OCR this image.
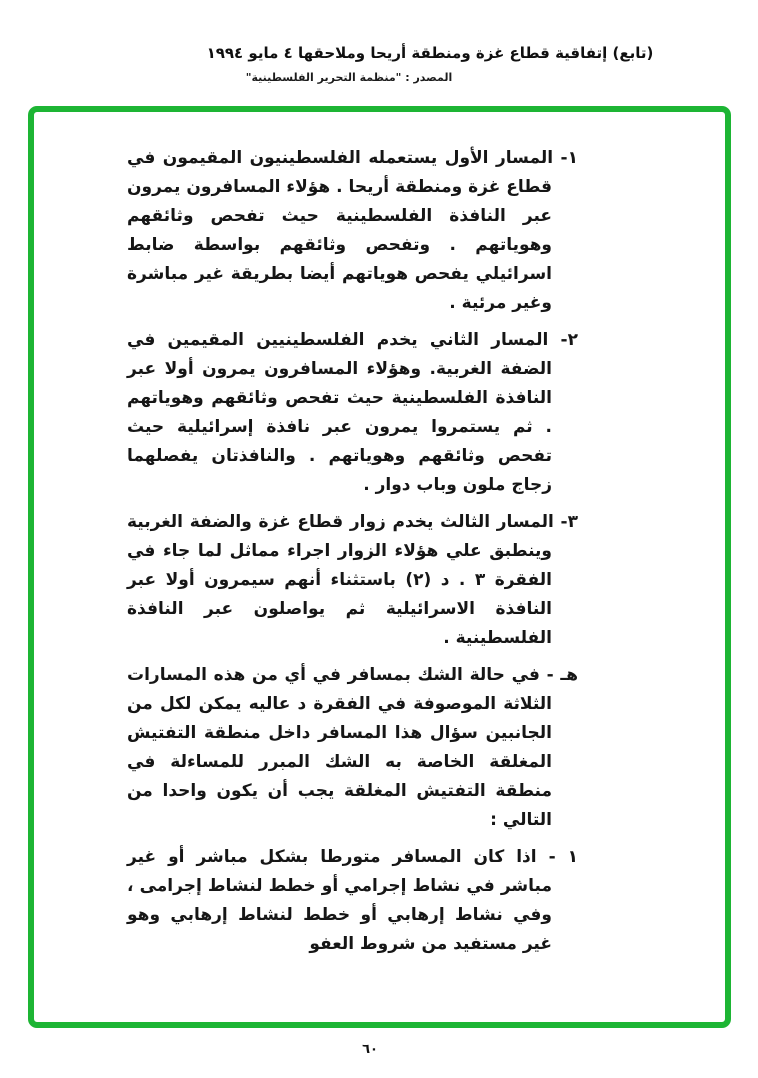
(تابع) إتفاقية قطاع غزة ومنطقة أريحا وملاحقها ٤ مايو ١٩٩٤
المصدر : "منظمة التحرير الفلسطينية"

١- المسار الأول يستعمله الفلسطينيون المقيمون في قطاع غزة ومنطقة أريحا . هؤلاء المسافرون يمرون عبر النافذة الفلسطينية حيث تفحص وثائقهم وهوياتهم . وتفحص وثائقهم بواسطة ضابط اسرائيلي يفحص هوياتهم أيضا بطريقة غير مباشرة وغير مرئية .

٢- المسار الثاني يخدم الفلسطينيين المقيمين في الضفة الغربية. وهؤلاء المسافرون يمرون أولا عبر النافذة الفلسطينية حيث تفحص وثائقهم وهوياتهم . ثم يستمروا يمرون عبر نافذة إسرائيلية حيث تفحص وثائقهم وهوياتهم . والنافذتان يفصلهما زجاج ملون وباب دوار .

٣- المسار الثالث يخدم زوار قطاع غزة والضفة الغربية وينطبق علي هؤلاء الزوار اجراء مماثل لما جاء في الفقرة ٣ . د (٢) باستثناء أنهم سيمرون أولا عبر النافذة الاسرائيلية ثم يواصلون عبر النافذة الفلسطينية .

هـ - في حالة الشك بمسافر في أي من هذه المسارات الثلاثة الموصوفة في الفقرة د عاليه يمكن لكل من الجانبين سؤال هذا المسافر داخل منطقة التفتيش المغلقة الخاصة به الشك المبرر للمساءلة في منطقة التفتيش المغلقة يجب أن يكون واحدا من التالي :

١ - اذا كان المسافر متورطا بشكل مباشر أو غير مباشر في نشاط إجرامي أو خطط لنشاط إجرامى ، وفي نشاط إرهابي أو خطط لنشاط إرهابي وهو غير مستفيد من شروط العفو

٦٠
